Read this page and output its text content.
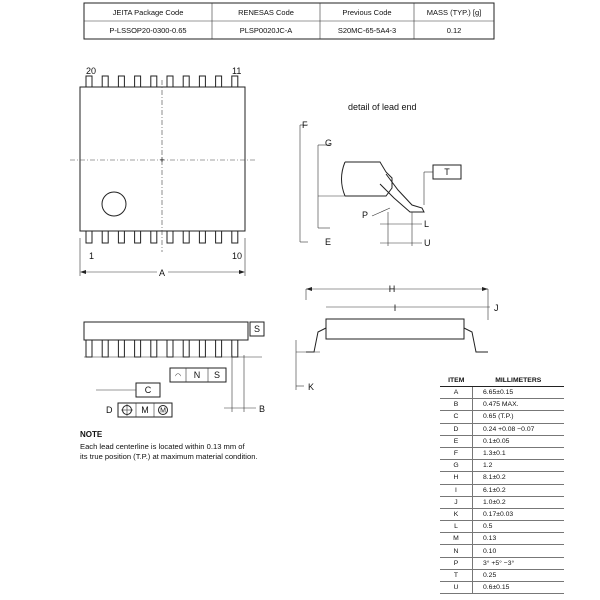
JEITA Package Code	RENESAS Code	Previous Code	MASS (TYP.) [g]
P-LSSOP20-0300-0.65	PLSP0020JC-A	S20MC-65-5A4-3	0.12
+
20	11
1	10
A
detail of lead end
F
G
T
P
L
E	U
H
I	J
K
S
◠ N S
C
D	M M	B
NOTE
Each lead centerline is located within 0.13 mm of
its true position (T.P.) at maximum material condition.
ITEM	MILLIMETERS
A	6.65±0.15
B	0.475 MAX.
C	0.65 (T.P.)
D	0.24 +0.08 −0.07
E	0.1±0.05
F	1.3±0.1
G	1.2
H	8.1±0.2
I	6.1±0.2
J	1.0±0.2
K	0.17±0.03
L	0.5
M	0.13
N	0.10
P	3° +5° −3°
T	0.25
U	0.6±0.15
